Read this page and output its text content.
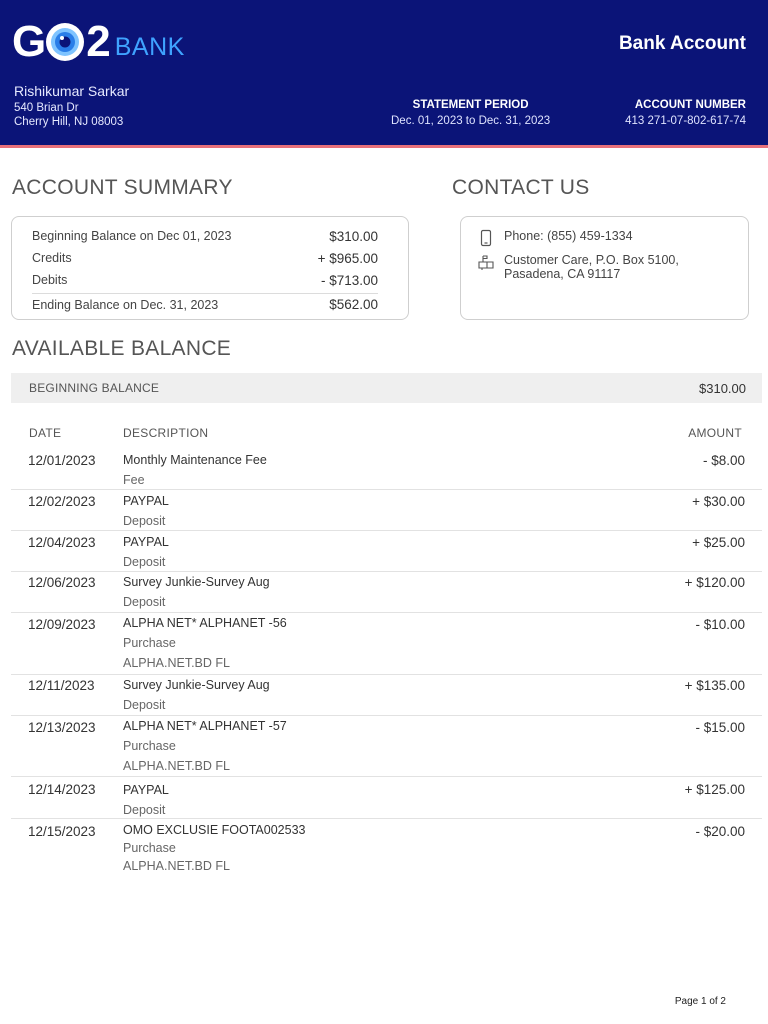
G 2 BANK	Bank Account
Rishikumar Sarkar
540 Brian Dr
Cherry Hill, NJ 08003
STATEMENT PERIOD
Dec. 01, 2023 to Dec. 31, 2023
ACCOUNT NUMBER
413 271-07-802-617-74
ACCOUNT SUMMARY
Beginning Balance on Dec 01, 2023	$310.00
Credits	+ $965.00
Debits	- $713.00
Ending Balance on Dec. 31, 2023	$562.00
CONTACT US
Phone: (855) 459-1334
Customer Care, P.O. Box 5100,
Pasadena, CA 91117
AVAILABLE BALANCE
BEGINNING BALANCE	$310.00
DATE	DESCRIPTION	AMOUNT
12/01/2023 Monthly Maintenance Fee
Fee
- $8.00
12/02/2023 PAYPAL
Deposit
+ $30.00
12/04/2023 PAYPAL
Deposit
+ $25.00
12/06/2023 Survey Junkie-Survey Aug
Deposit
+ $120.00
12/09/2023 ALPHA NET* ALPHANET -56
Purchase
ALPHA.NET.BD FL
- $10.00
12/11/2023 Survey Junkie-Survey Aug
Deposit
+ $135.00
12/13/2023 ALPHA NET* ALPHANET -57
Purchase
ALPHA.NET.BD FL
- $15.00
12/14/2023 PAYPAL
Deposit
+ $125.00
12/15/2023 OMO EXCLUSIE FOOTA002533
Purchase
ALPHA.NET.BD FL
- $20.00
Page 1 of 2
